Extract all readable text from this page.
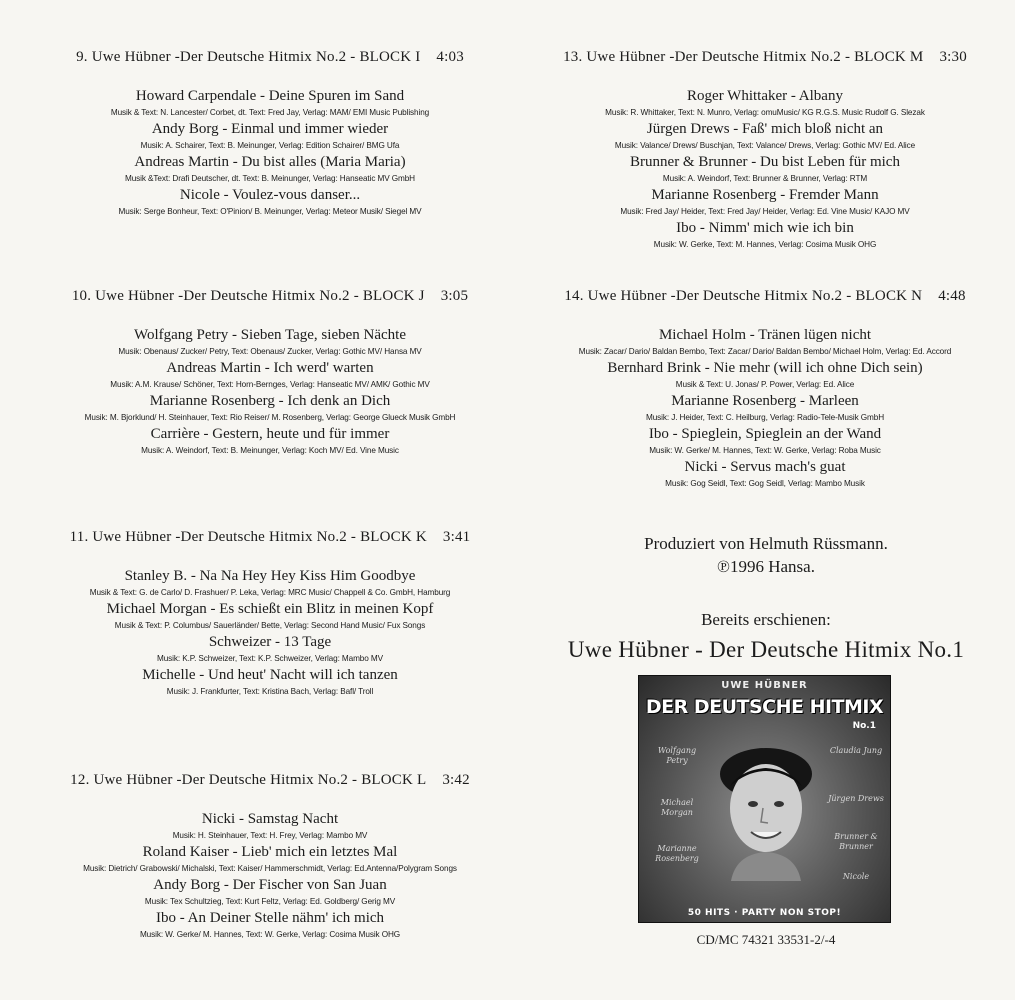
9. Uwe Hübner -Der Deutsche Hitmix No.2 - BLOCK I 4:03
Howard Carpendale - Deine Spuren im Sand
Musik & Text: N. Lancester/ Corbet, dt. Text: Fred Jay, Verlag: MAM/ EMI Music Publishing
Andy Borg - Einmal und immer wieder
Musik: A. Schairer, Text: B. Meinunger, Verlag: Edition Schairer/ BMG Ufa
Andreas Martin - Du bist alles (Maria Maria)
Musik &Text: Drafi Deutscher, dt. Text: B. Meinunger, Verlag: Hanseatic MV GmbH
Nicole - Voulez-vous danser...
Musik: Serge Bonheur, Text: O'Pinion/ B. Meinunger, Verlag: Meteor Musik/ Siegel MV
10. Uwe Hübner -Der Deutsche Hitmix No.2 - BLOCK J 3:05
Wolfgang Petry - Sieben Tage, sieben Nächte
Musik: Obenaus/ Zucker/ Petry, Text: Obenaus/ Zucker, Verlag: Gothic MV/ Hansa MV
Andreas Martin - Ich werd' warten
Musik: A.M. Krause/ Schöner, Text: Horn-Bernges, Verlag: Hanseatic MV/ AMK/ Gothic MV
Marianne Rosenberg - Ich denk an Dich
Musik: M. Bjorklund/ H. Steinhauer, Text: Rio Reiser/ M. Rosenberg, Verlag: George Glueck Musik GmbH
Carrière - Gestern, heute und für immer
Musik: A. Weindorf, Text: B. Meinunger, Verlag: Koch MV/ Ed. Vine Music
11. Uwe Hübner -Der Deutsche Hitmix No.2 - BLOCK K 3:41
Stanley B. - Na Na Hey Hey Kiss Him Goodbye
Musik & Text: G. de Carlo/ D. Frashuer/ P. Leka, Verlag: MRC Music/ Chappell & Co. GmbH, Hamburg
Michael Morgan - Es schießt ein Blitz in meinen Kopf
Musik & Text: P. Columbus/ Sauerländer/ Bette, Verlag: Second Hand Music/ Fux Songs
Schweizer - 13 Tage
Musik: K.P. Schweizer, Text: K.P. Schweizer, Verlag: Mambo MV
Michelle - Und heut' Nacht will ich tanzen
Musik: J. Frankfurter, Text: Kristina Bach, Verlag: Bafl/ Troll
12. Uwe Hübner -Der Deutsche Hitmix No.2 - BLOCK L 3:42
Nicki - Samstag Nacht
Musik: H. Steinhauer, Text: H. Frey, Verlag: Mambo MV
Roland Kaiser - Lieb' mich ein letztes Mal
Musik: Dietrich/ Grabowski/ Michalski, Text: Kaiser/ Hammerschmidt, Verlag: Ed.Antenna/Polygram Songs
Andy Borg - Der Fischer von San Juan
Musik: Tex Schultzieg, Text: Kurt Feltz, Verlag: Ed. Goldberg/ Gerig MV
Ibo - An Deiner Stelle nähm' ich mich
Musik: W. Gerke/ M. Hannes, Text: W. Gerke, Verlag: Cosima Musik OHG
13. Uwe Hübner -Der Deutsche Hitmix No.2 - BLOCK M 3:30
Roger Whittaker - Albany
Musik: R. Whittaker, Text: N. Munro, Verlag: omuMusic/ KG R.G.S. Music Rudolf G. Slezak
Jürgen Drews - Faß' mich bloß nicht an
Musik: Valance/ Drews/ Buschjan, Text: Valance/ Drews, Verlag: Gothic MV/ Ed. Alice
Brunner & Brunner - Du bist Leben für mich
Musik: A. Weindorf, Text: Brunner & Brunner, Verlag: RTM
Marianne Rosenberg - Fremder Mann
Musik: Fred Jay/ Heider, Text: Fred Jay/ Heider, Verlag: Ed. Vine Music/ KAJO MV
Ibo - Nimm' mich wie ich bin
Musik: W. Gerke, Text: M. Hannes, Verlag: Cosima Musik OHG
14. Uwe Hübner -Der Deutsche Hitmix No.2 - BLOCK N 4:48
Michael Holm - Tränen lügen nicht
Musik: Zacar/ Dario/ Baldan Bembo, Text: Zacar/ Dario/ Baldan Bembo/ Michael Holm, Verlag: Ed. Accord
Bernhard Brink - Nie mehr (will ich ohne Dich sein)
Musik & Text: U. Jonas/ P. Power, Verlag: Ed. Alice
Marianne Rosenberg - Marleen
Musik: J. Heider, Text: C. Heilburg, Verlag: Radio-Tele-Musik GmbH
Ibo - Spieglein, Spieglein an der Wand
Musik: W. Gerke/ M. Hannes, Text: W. Gerke, Verlag: Roba Music
Nicki - Servus mach's guat
Musik: Gog Seidl, Text: Gog Seidl, Verlag: Mambo Musik
Produziert von Helmuth Rüssmann.
℗1996 Hansa.
Bereits erschienen:
Uwe Hübner - Der Deutsche Hitmix No.1
UWE HÜBNER
DER DEUTSCHE HITMIX
No.1
Wolfgang Petry
Michael Morgan
Marianne Rosenberg
Claudia Jung
Jürgen Drews
Brunner & Brunner
Nicole
50 HITS · PARTY NON STOP!
CD/MC 74321 33531-2/-4
